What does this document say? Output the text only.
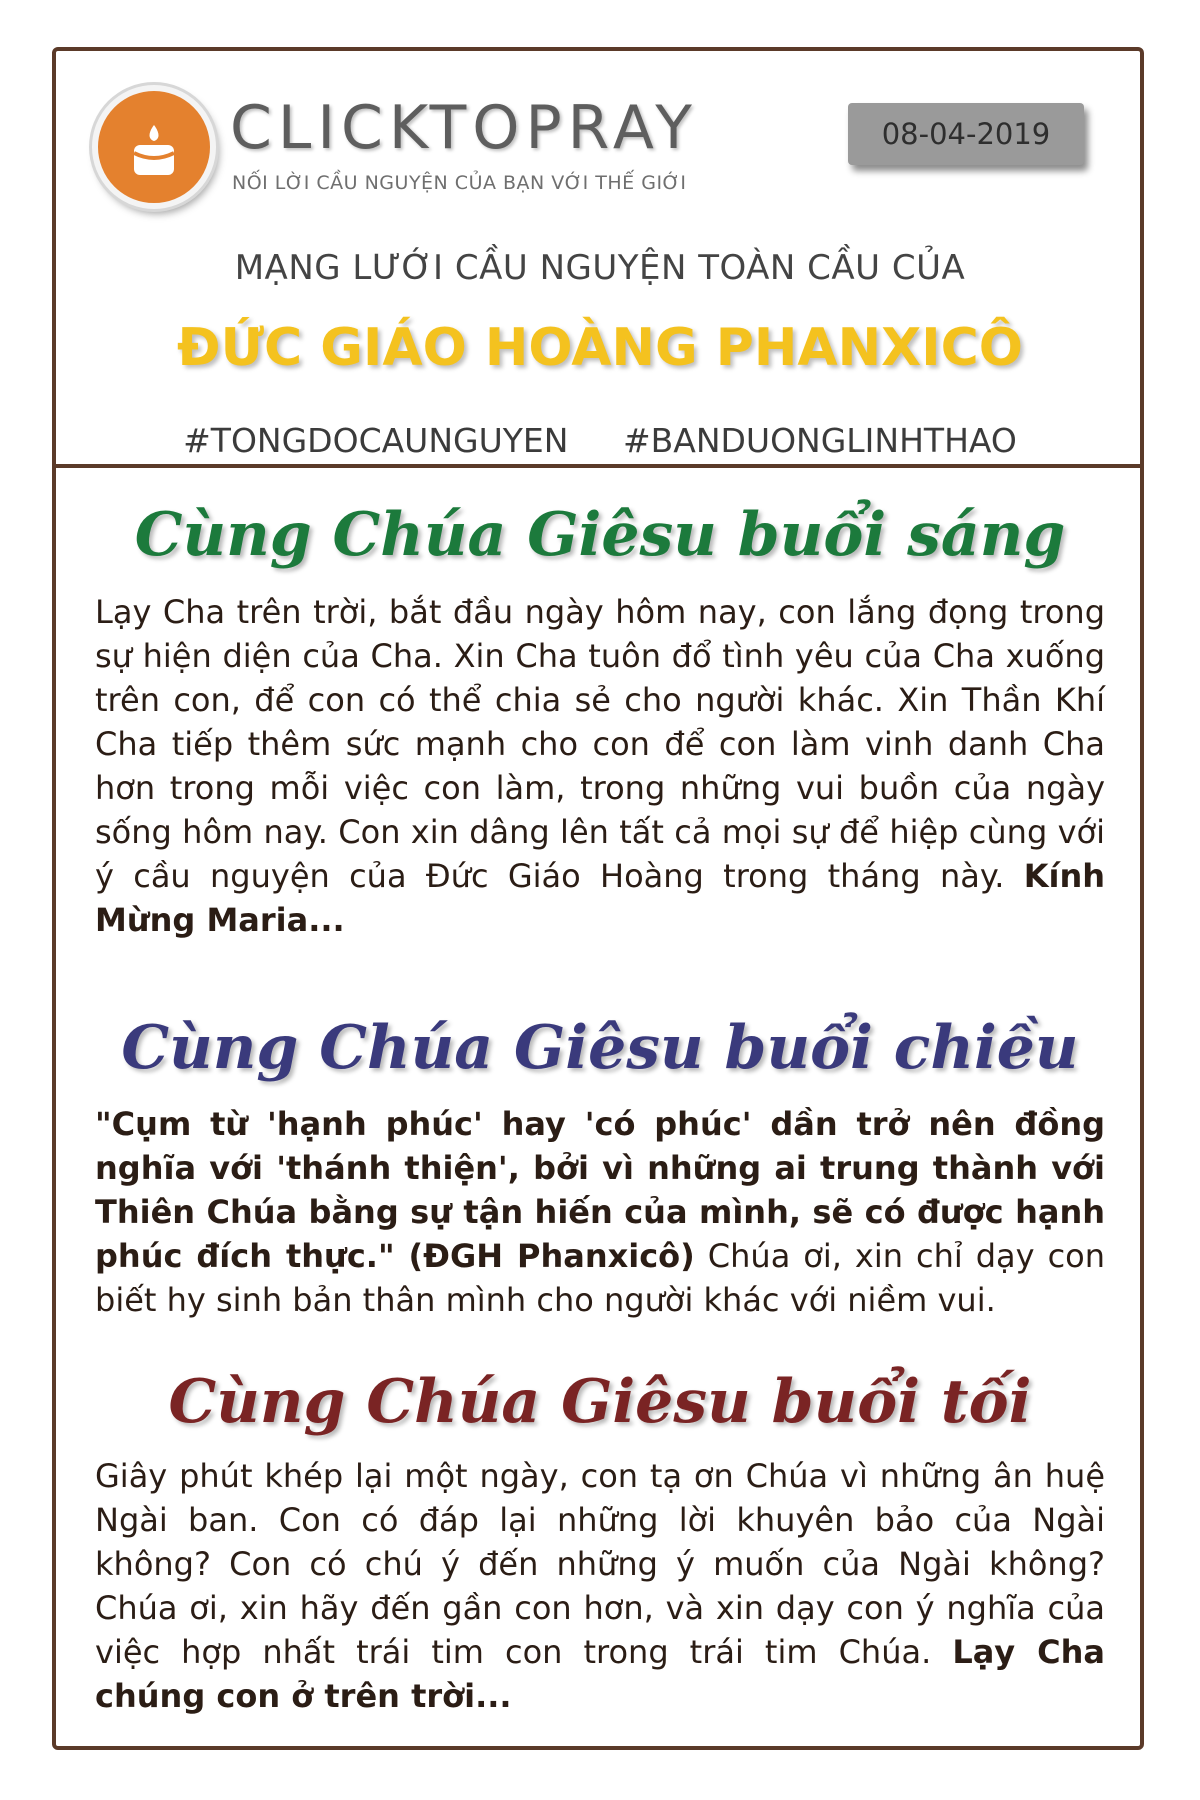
CLICKTOPRAY
NỐI LỜI CẦU NGUYỆN CỦA BẠN VỚI THẾ GIỚI
08-04-2019
MẠNG LƯỚI CẦU NGUYỆN TOÀN CẦU CỦA
ĐỨC GIÁO HOÀNG PHANXICÔ
#TONGDOCAUNGUYEN #BANDUONGLINHTHAO
Cùng Chúa Giêsu buổi sáng
Lạy Cha trên trời, bắt đầu ngày hôm nay, con lắng đọng trong sự hiện diện của Cha. Xin Cha tuôn đổ tình yêu của Cha xuống trên con, để con có thể chia sẻ cho người khác. Xin Thần Khí Cha tiếp thêm sức mạnh cho con để con làm vinh danh Cha hơn trong mỗi việc con làm, trong những vui buồn của ngày sống hôm nay. Con xin dâng lên tất cả mọi sự để hiệp cùng với ý cầu nguyện của Đức Giáo Hoàng trong tháng này. Kính Mừng Maria...
Cùng Chúa Giêsu buổi chiều
"Cụm từ 'hạnh phúc' hay 'có phúc' dần trở nên đồng nghĩa với 'thánh thiện', bởi vì những ai trung thành với Thiên Chúa bằng sự tận hiến của mình, sẽ có được hạnh phúc đích thực." (ĐGH Phanxicô) Chúa ơi, xin chỉ dạy con biết hy sinh bản thân mình cho người khác với niềm vui.
Cùng Chúa Giêsu buổi tối
Giây phút khép lại một ngày, con tạ ơn Chúa vì những ân huệ Ngài ban. Con có đáp lại những lời khuyên bảo của Ngài không? Con có chú ý đến những ý muốn của Ngài không? Chúa ơi, xin hãy đến gần con hơn, và xin dạy con ý nghĩa của việc hợp nhất trái tim con trong trái tim Chúa. Lạy Cha chúng con ở trên trời...
